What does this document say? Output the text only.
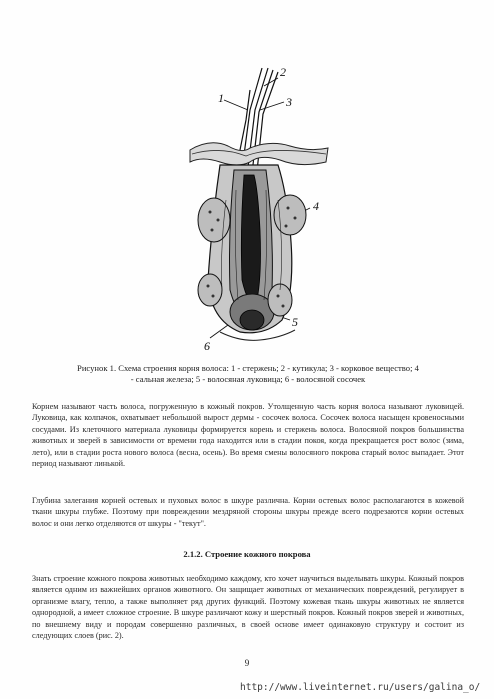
1
2
3
4
5
6
Рисунок 1. Схема строения корня волоса: 1 - стержень; 2 - кутикула; 3 - корковое вещество; 4
- сальная железа; 5 - волосяная луковица; 6 - волосяной сосочек

Корнем называют часть волоса, погруженную в кожный покров. Утолщенную часть корня волоса называют луковицей. Луковица, как колпачок, охватывает небольшой вырост дермы - сосочек волоса. Сосочек волоса насыщен кровеносными сосудами. Из клеточного материала луковицы формируется корень и стержень волоса. Волосяной покров большинства животных и зверей в зависимости от времени года находится или в стадии покоя, когда прекращается рост волос (зима, лето), или в стадии роста нового волоса (весна, осень). Во время смены волосяного покрова старый волос выпадает. Этот период называют линькой.

Глубина залегания корней остевых и пуховых волос в шкуре различна. Корни остевых волос располагаются в кожевой ткани шкуры глубже. Поэтому при повреждении мездряной стороны шкуры прежде всего подрезаются корни остевых волос и они легко отделяются от шкуры - "текут".

2.1.2. Строение кожного покрова

Знать строение кожного покрова животных необходимо каждому, кто хочет научиться выделывать шкуры. Кожный покров является одним из важнейших органов животного. Он защищает животных от механических повреждений, регулирует в организме влагу, тепло, а также выполняет ряд других функций. Поэтому кожевая ткань шкуры животных не является однородной, а имеет сложное строение. В шкуре различают кожу и шерстный покров. Кожный покров зверей и животных, по внешнему виду и породам совершенно различных, в своей основе имеет одинаковую структуру и состоит из следующих слоев (рис. 2).

9
http://www.liveinternet.ru/users/galina_o/
